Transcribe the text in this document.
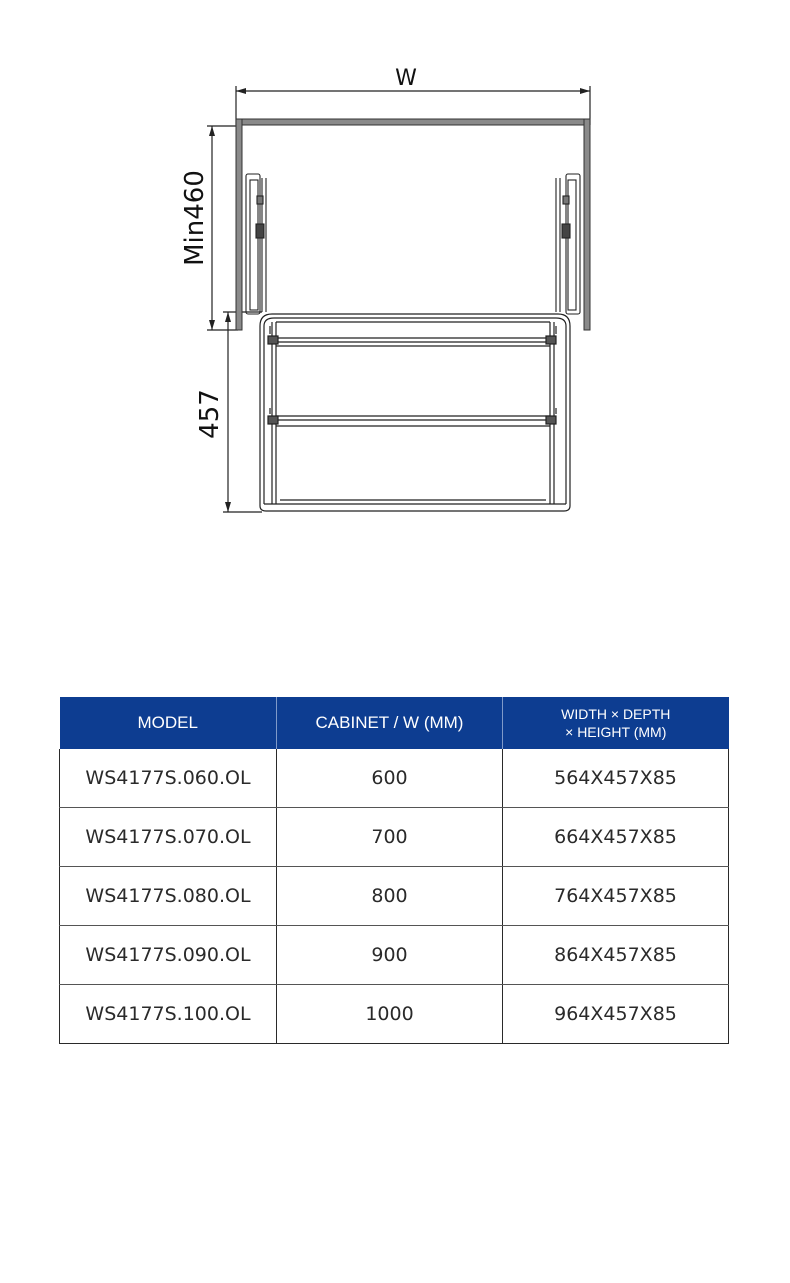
W
Min460
457
MODEL	CABINET / W (MM)	WIDTH × DEPTH
× HEIGHT (MM)

WS4177S.060.OL	600	564X457X85
WS4177S.070.OL	700	664X457X85
WS4177S.080.OL	800	764X457X85
WS4177S.090.OL	900	864X457X85
WS4177S.100.OL	1000	964X457X85
